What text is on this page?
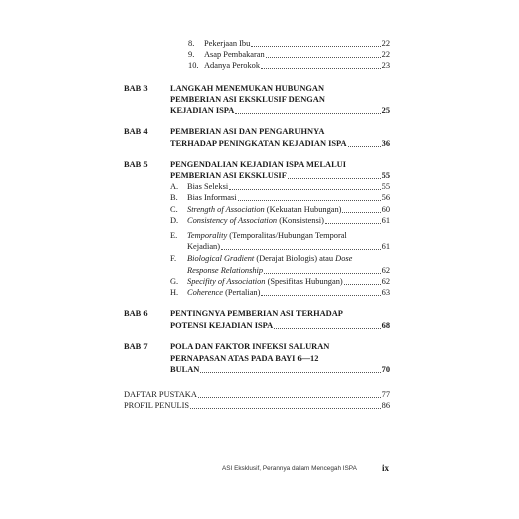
8. Pekerjaan Ibu	22
9. Asap Pembakaran	22
10. Adanya Perokok	23
BAB 3	LANGKAH MENEMUKAN HUBUNGAN
PEMBERIAN ASI EKSKLUSIF DENGAN
KEJADIAN ISPA	25
BAB 4	PEMBERIAN ASI DAN PENGARUHNYA
TERHADAP PENINGKATAN KEJADIAN ISPA	36
BAB 5	PENGENDALIAN KEJADIAN ISPA MELALUI
PEMBERIAN ASI EKSKLUSIF	55
A. Bias Seleksi	55
B. Bias Informasi	56
C. Strength of Association (Kekuatan Hubungan)	60
D. Consistency of Association (Konsistensi)	61
E. Temporality (Temporalitas/Hubungan Temporal
Kejadian)	61
F. Biological Gradient (Derajat Biologis) atau Dose
Response Relationship	62
G. Specifity of Association (Spesifitas Hubungan)	62
H. Coherence (Pertalian)	63
BAB 6	PENTINGNYA PEMBERIAN ASI TERHADAP
POTENSI KEJADIAN ISPA	68
BAB 7	POLA DAN FAKTOR INFEKSI SALURAN
PERNAPASAN ATAS PADA BAYI 6—12
BULAN	70
DAFTAR PUSTAKA	77
PROFIL PENULIS	86
ASI Eksklusif, Perannya dalam Mencegah ISPA	ix
